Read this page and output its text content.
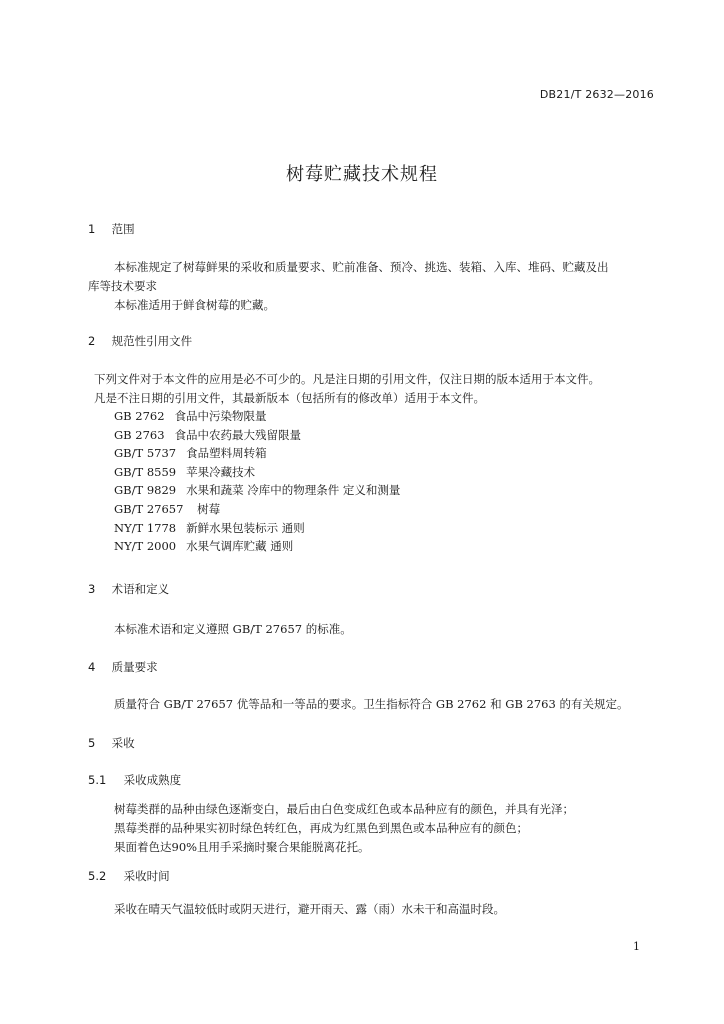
DB21/T 2632—2016
树莓贮藏技术规程
1 范围
本标准规定了树莓鲜果的采收和质量要求、贮前准备、预冷、挑选、装箱、入库、堆码、贮藏及出
库等技术要求
本标准适用于鲜食树莓的贮藏。
2 规范性引用文件
下列文件对于本文件的应用是必不可少的。凡是注日期的引用文件，仅注日期的版本适用于本文件。
凡是不注日期的引用文件，其最新版本（包括所有的修改单）适用于本文件。
GB 2762 食品中污染物限量
GB 2763 食品中农药最大残留限量
GB/T 5737 食品塑料周转箱
GB/T 8559 苹果冷藏技术
GB/T 9829 水果和蔬菜 冷库中的物理条件 定义和测量
GB/T 27657 树莓
NY/T 1778 新鲜水果包装标示 通则
NY/T 2000 水果气调库贮藏 通则
3 术语和定义
本标准术语和定义遵照 GB/T 27657 的标准。
4 质量要求
质量符合 GB/T 27657 优等品和一等品的要求。卫生指标符合 GB 2762 和 GB 2763 的有关规定。
5 采收
5.1 采收成熟度
树莓类群的品种由绿色逐渐变白，最后由白色变成红色或本品种应有的颜色，并具有光泽；
黑莓类群的品种果实初时绿色转红色，再成为红黑色到黑色或本品种应有的颜色；
果面着色达90%且用手采摘时聚合果能脱离花托。
5.2 采收时间
采收在晴天气温较低时或阴天进行，避开雨天、露（雨）水未干和高温时段。
1
